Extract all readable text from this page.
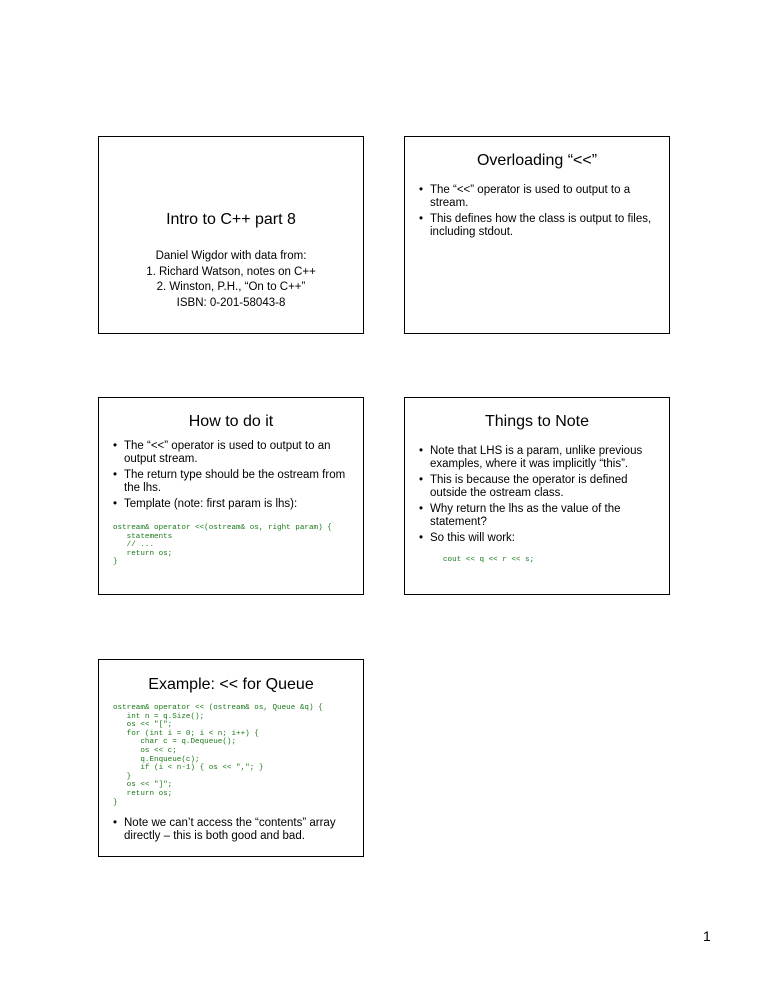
Intro to C++ part 8
Daniel Wigdor with data from:
1. Richard Watson, notes on C++
2. Winston, P.H., “On to C++”
ISBN: 0-201-58043-8
Overloading “<<”
• The “<<” operator is used to output to a stream.
• This defines how the class is output to files, including stdout.
How to do it
• The “<<” operator is used to output to an output stream.
• The return type should be the ostream from the lhs.
• Template (note: first param is lhs):
ostream& operator <<(ostream& os, right param) {
statements
// ...
return os;
}
Things to Note
• Note that LHS is a param, unlike previous examples, where it was implicitly “this”.
• This is because the operator is defined outside the ostream class.
• Why return the lhs as the value of the statement?
• So this will work:
cout << q << r << s;
Example: << for Queue
ostream& operator << (ostream& os, Queue &q) {
int n = q.Size();
os << "[";
for (int i = 0; i < n; i++) {
char c = q.Dequeue();
os << c;
q.Enqueue(c);
if (i < n-1) { os << ","; }
}
os << "]";
return os;
}
• Note we can’t access the “contents” array directly – this is both good and bad.
1
